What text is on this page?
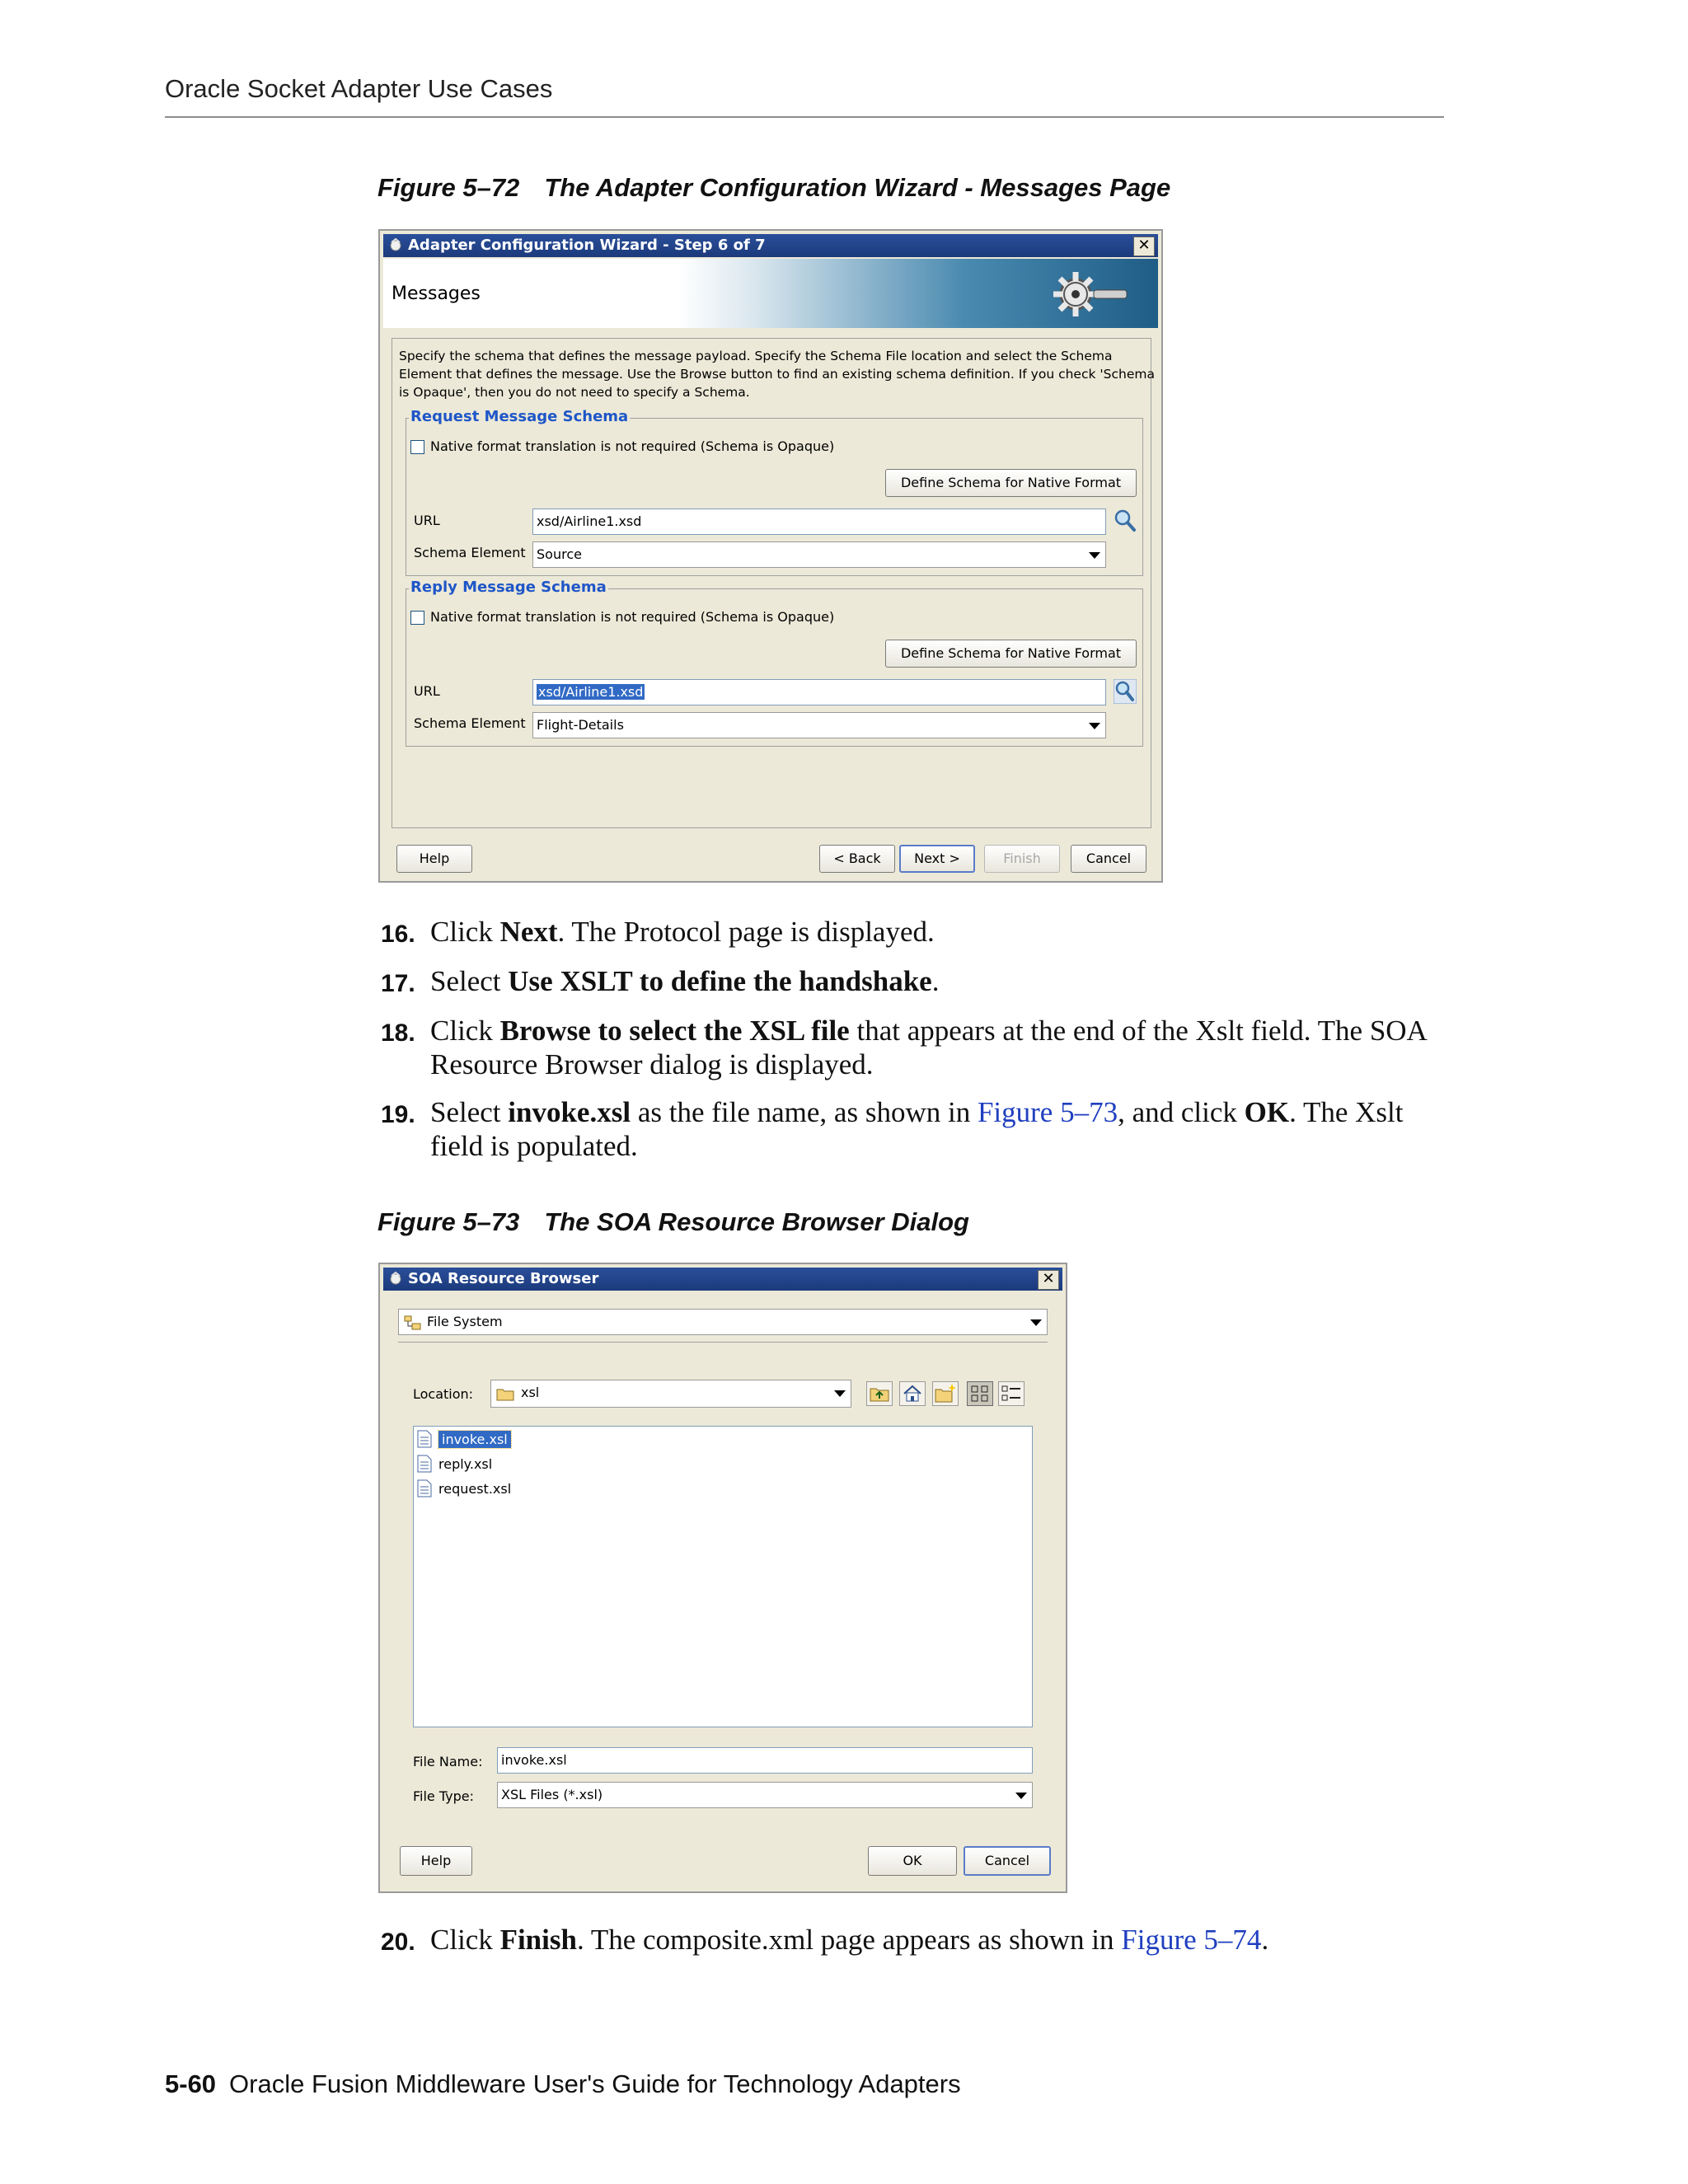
Oracle Socket Adapter Use Cases
Figure 5–72 The Adapter Configuration Wizard - Messages Page
Adapter Configuration Wizard - Step 6 of 7	✕
Messages
Specify the schema that defines the message payload. Specify the Schema File location and select the Schema
Element that defines the message. Use the Browse button to find an existing schema definition. If you check 'Schema
is Opaque', then you do not need to specify a Schema.
Request Message Schema
Native format translation is not required (Schema is Opaque)
Define Schema for Native Format
URL	xsd/Airline1.xsd
Schema Element Source
Reply Message Schema
Native format translation is not required (Schema is Opaque)
Define Schema for Native Format
URL	xsd/Airline1.xsd
Schema Element Flight-Details
Help	< Back	Next >	Finish	Cancel
16. Click Next. The Protocol page is displayed.
17. Select Use XSLT to define the handshake.
18. Click Browse to select the XSL file that appears at the end of the Xslt field. The SOA Resource Browser dialog is displayed.
19. Select invoke.xsl as the file name, as shown in Figure 5–73, and click OK. The Xslt field is populated.
Figure 5–73 The SOA Resource Browser Dialog
SOA Resource Browser	✕
File System
Location:	xsl
invoke.xsl
reply.xsl
request.xsl
File Name:	invoke.xsl
File Type:	XSL Files (*.xsl)
Help	OK	Cancel
20. Click Finish. The composite.xml page appears as shown in Figure 5–74.
5-60 Oracle Fusion Middleware User's Guide for Technology Adapters
